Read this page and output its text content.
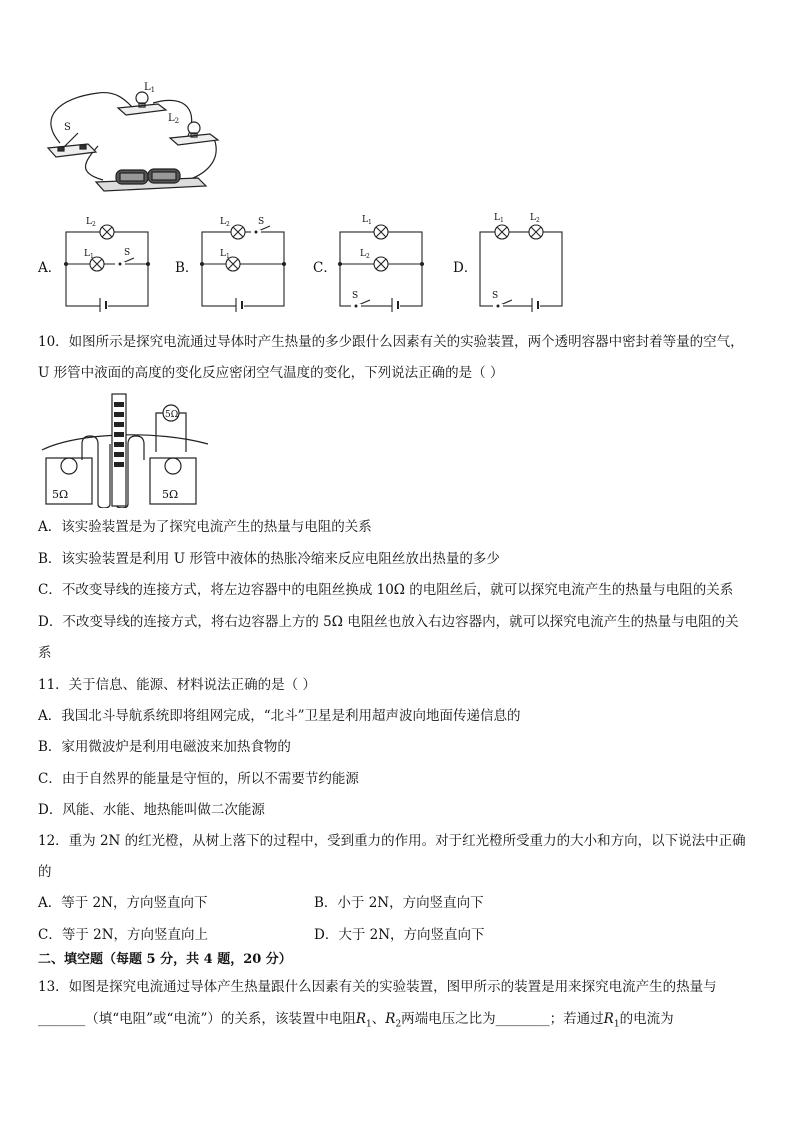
$L_1$
$L_2$
S
A．
$L_2$
$L_1$	S
B．
$L_2$	S
$L_1$
C．
$L_1$
$L_2$
S
D．
$L_1$	$L_2$
S
10．如图所示是探究电流通过导体时产生热量的多少跟什么因素有关的实验装置，两个透明容器中密封着等量的空气，
U 形管中液面的高度的变化反应密闭空气温度的变化，下列说法正确的是（ ）
5Ω	5Ω
5Ω
A．该实验装置是为了探究电流产生的热量与电阻的关系
B．该实验装置是利用 U 形管中液体的热胀冷缩来反应电阻丝放出热量的多少
C．不改变导线的连接方式，将左边容器中的电阻丝换成 10Ω 的电阻丝后，就可以探究电流产生的热量与电阻的关系
D．不改变导线的连接方式，将右边容器上方的 5Ω 电阻丝也放入右边容器内，就可以探究电流产生的热量与电阻的关
系
11．关于信息、能源、材料说法正确的是（ ）
A．我国北斗导航系统即将组网完成，“北斗”卫星是利用超声波向地面传递信息的
B．家用微波炉是利用电磁波来加热食物的
C．由于自然界的能量是守恒的，所以不需要节约能源
D．风能、水能、地热能叫做二次能源
12．重为 2N 的红光橙，从树上落下的过程中，受到重力的作用。对于红光橙所受重力的大小和方向，以下说法中正确
的
A．等于 2N，方向竖直向下	B．小于 2N，方向竖直向下
C．等于 2N，方向竖直向上	D．大于 2N，方向竖直向下
二、填空题（每题 5 分，共 4 题，20 分）
13．如图是探究电流通过导体产生热量跟什么因素有关的实验装置，图甲所示的装置是用来探究电流产生的热量与
_______（填“电阻”或“电流”）的关系，该装置中电阻$R_1$、$R_2$两端电压之比为________；若通过$R_1$的电流为
